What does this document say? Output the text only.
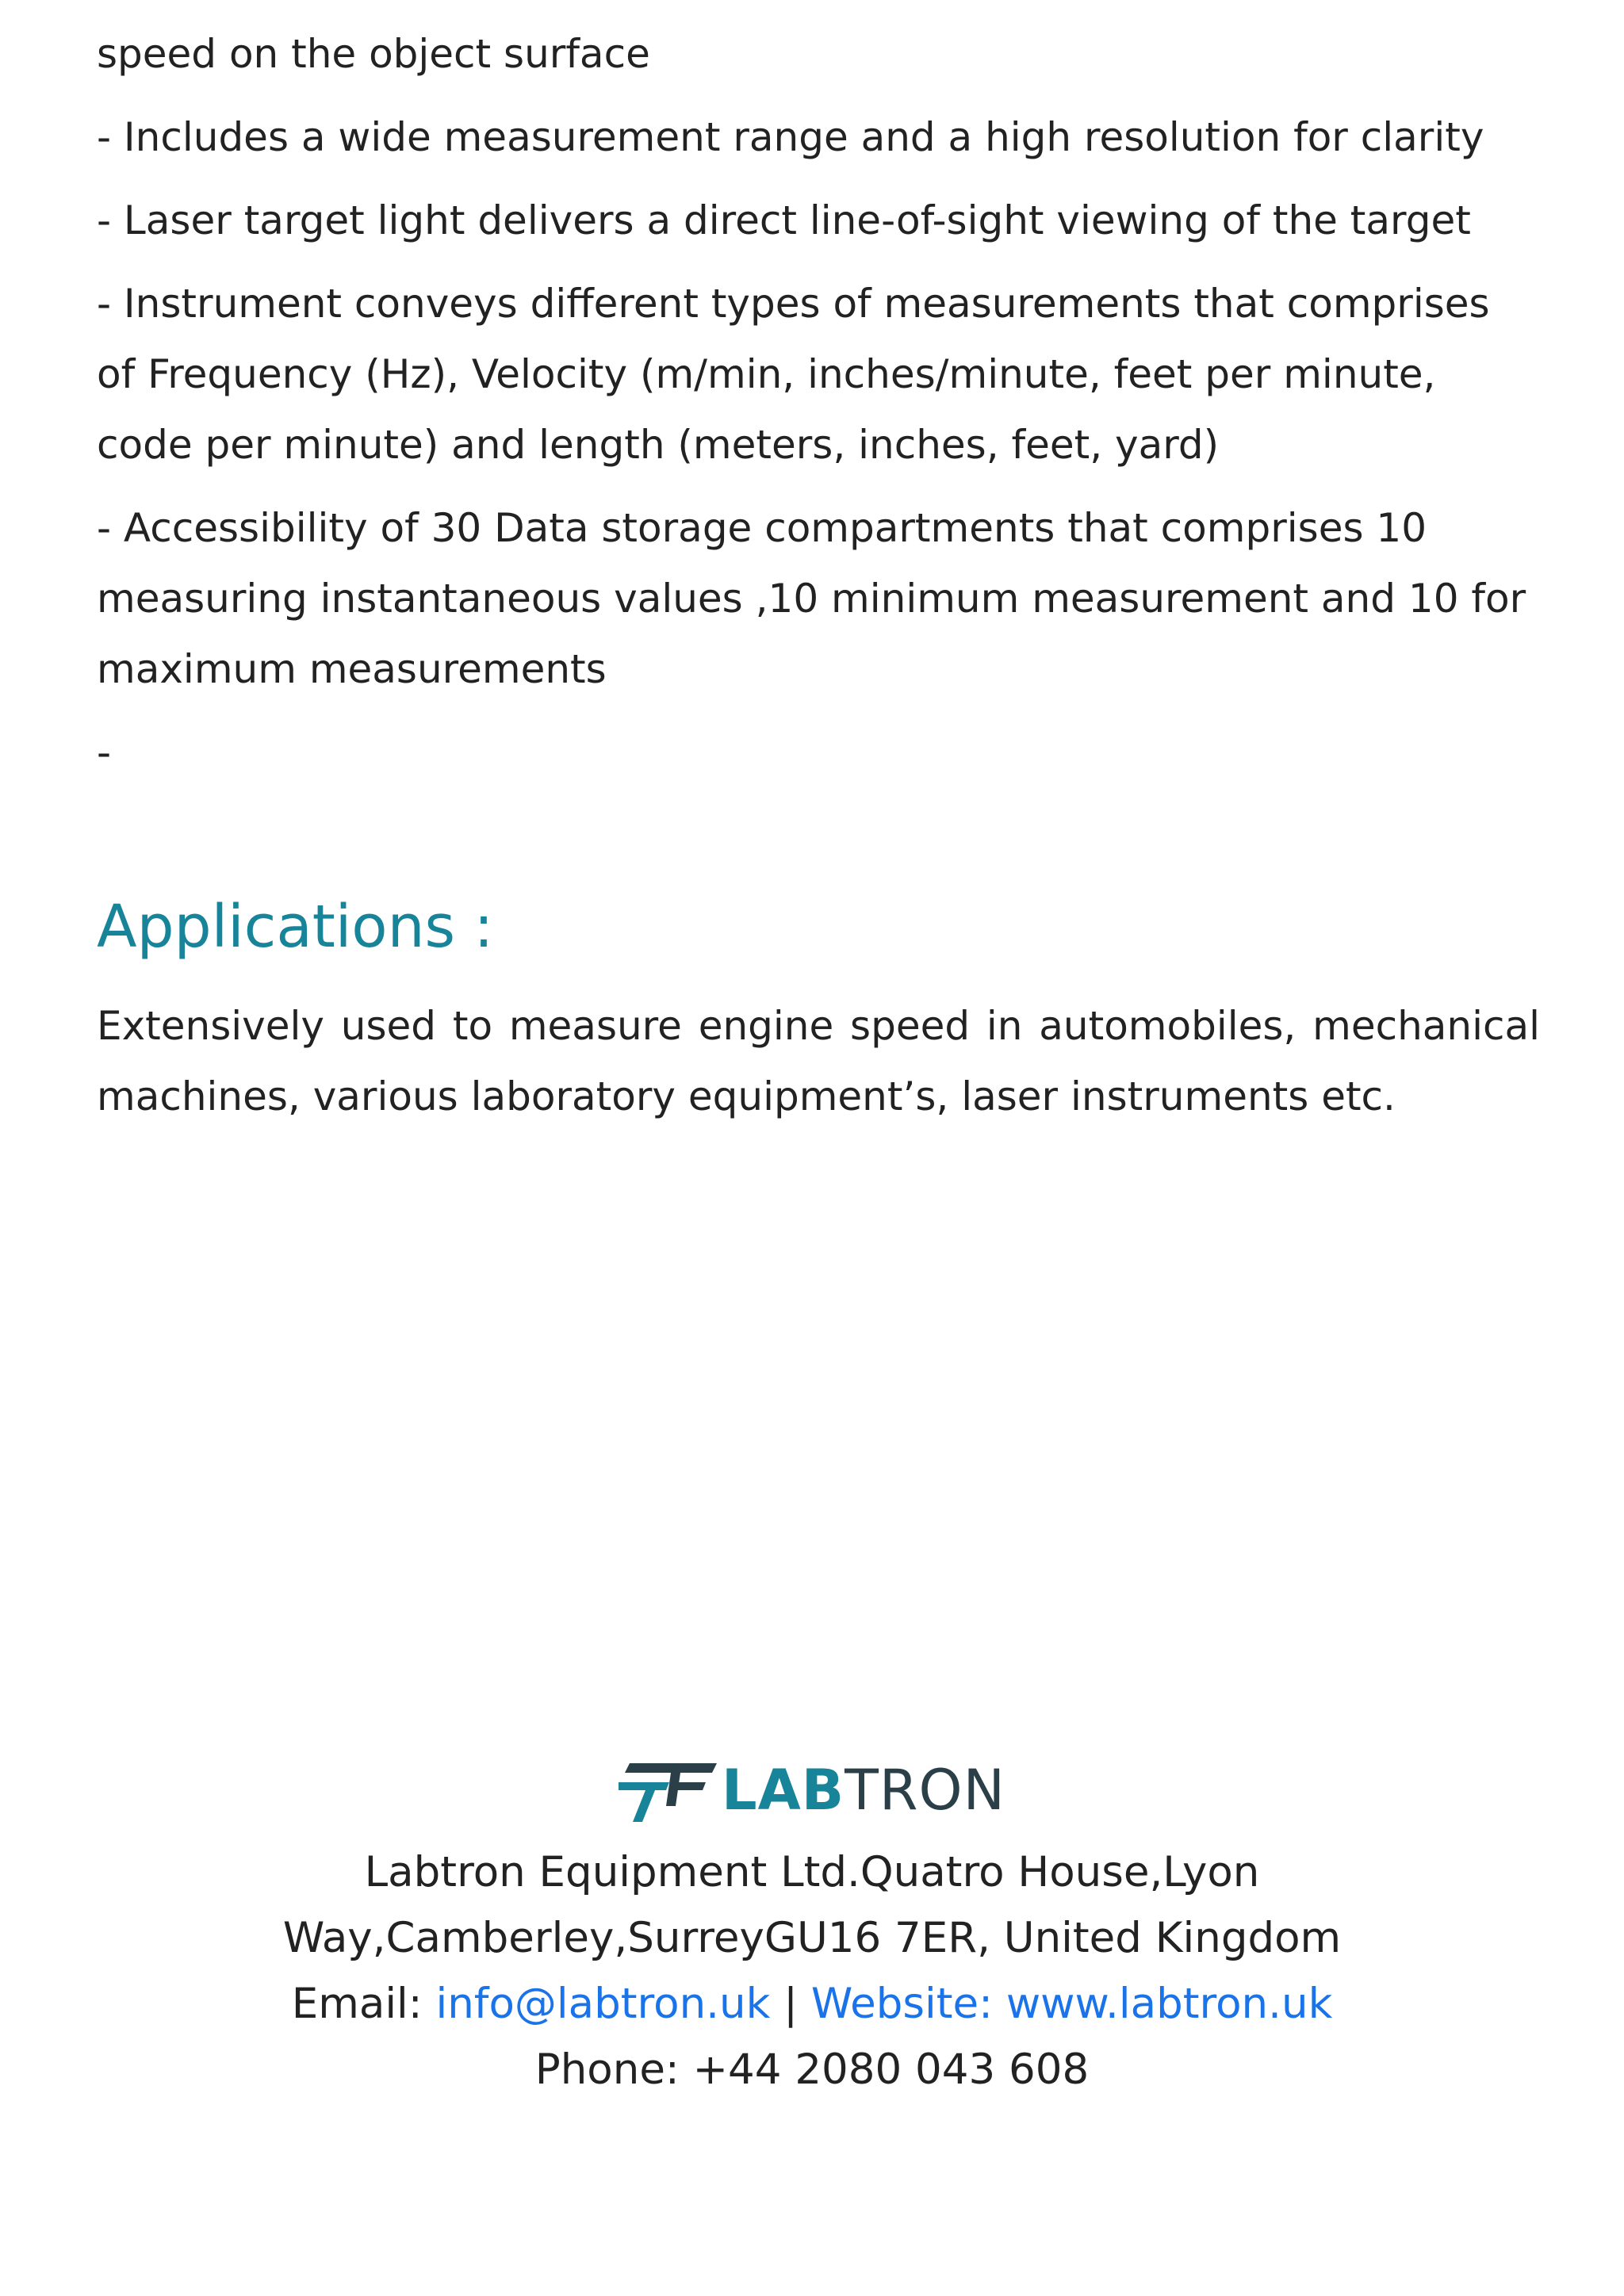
speed on the object surface

- Includes a wide measurement range and a high resolution for clarity

- Laser target light delivers a direct line-of-sight viewing of the target

- Instrument conveys different types of measurements that comprises of Frequency (Hz), Velocity (m/min, inches/minute, feet per minute, code per minute) and length (meters, inches, feet, yard)

- Accessibility of 30 Data storage compartments that comprises 10 measuring instantaneous values ,10 minimum measurement and 10 for maximum measurements

-

Applications :

Extensively used to measure engine speed in automobiles, mechanical machines, various laboratory equipment’s, laser instruments etc.

LABTRON
Labtron Equipment Ltd.Quatro House,Lyon
Way,Camberley,SurreyGU16 7ER, United Kingdom
Email: info@labtron.uk | Website: www.labtron.uk
Phone: +44 2080 043 608
